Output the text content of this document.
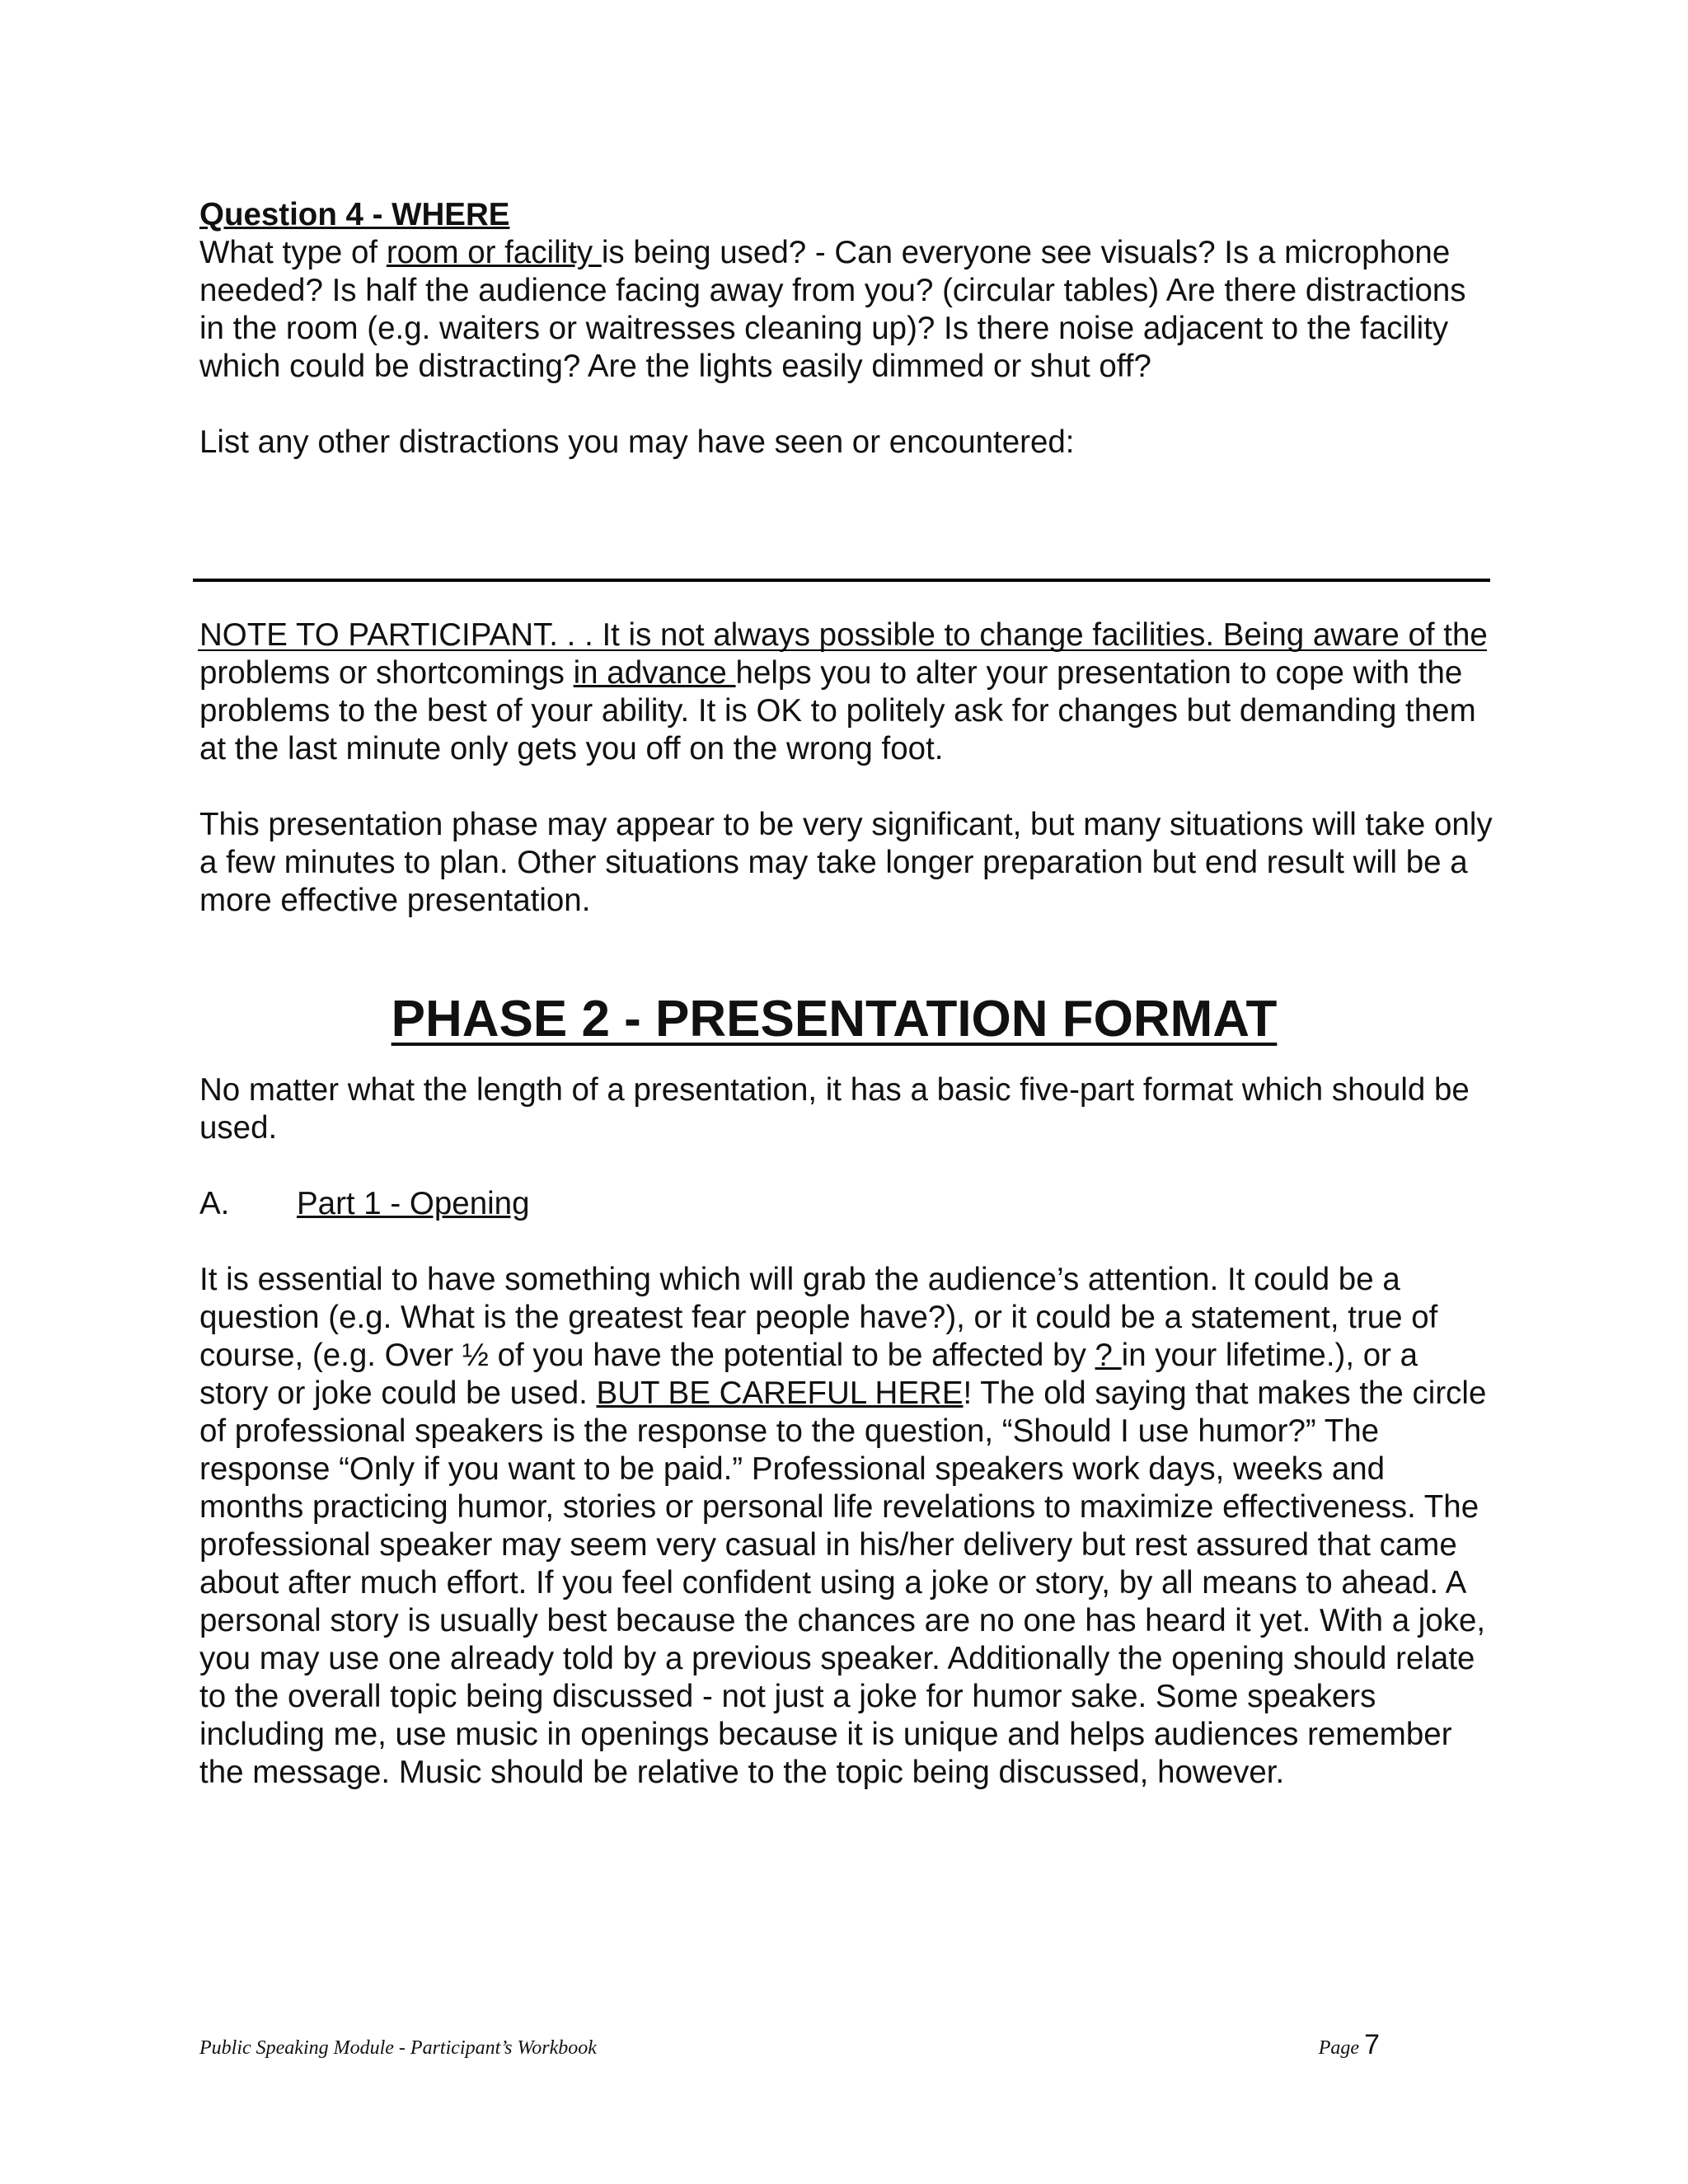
Question 4 - WHERE

What type of room or facility is being used? - Can everyone see visuals? Is a microphone needed? Is half the audience facing away from you? (circular tables) Are there distractions in the room (e.g. waiters or waitresses cleaning up)? Is there noise adjacent to the facility which could be distracting? Are the lights easily dimmed or shut off?

List any other distractions you may have seen or encountered:

NOTE TO PARTICIPANT. . . It is not always possible to change facilities. Being aware of the problems or shortcomings in advance helps you to alter your presentation to cope with the problems to the best of your ability. It is OK to politely ask for changes but demanding them at the last minute only gets you off on the wrong foot.

This presentation phase may appear to be very significant, but many situations will take only a few minutes to plan. Other situations may take longer preparation but end result will be a more effective presentation.

PHASE 2 - PRESENTATION FORMAT

No matter what the length of a presentation, it has a basic five-part format which should be used.

A.	Part 1 - Opening

It is essential to have something which will grab the audience’s attention. It could be a question (e.g. What is the greatest fear people have?), or it could be a statement, true of course, (e.g. Over ½ of you have the potential to be affected by ? in your lifetime.), or a story or joke could be used. BUT BE CAREFUL HERE! The old saying that makes the circle of professional speakers is the response to the question, “Should I use humor?” The response “Only if you want to be paid.” Professional speakers work days, weeks and months practicing humor, stories or personal life revelations to maximize effectiveness. The professional speaker may seem very casual in his/her delivery but rest assured that came about after much effort. If you feel confident using a joke or story, by all means to ahead. A personal story is usually best because the chances are no one has heard it yet. With a joke, you may use one already told by a previous speaker. Additionally the opening should relate to the overall topic being discussed - not just a joke for humor sake. Some speakers including me, use music in openings because it is unique and helps audiences remember the message. Music should be relative to the topic being discussed, however.

Public Speaking Module - Participant’s Workbook	Page 7
